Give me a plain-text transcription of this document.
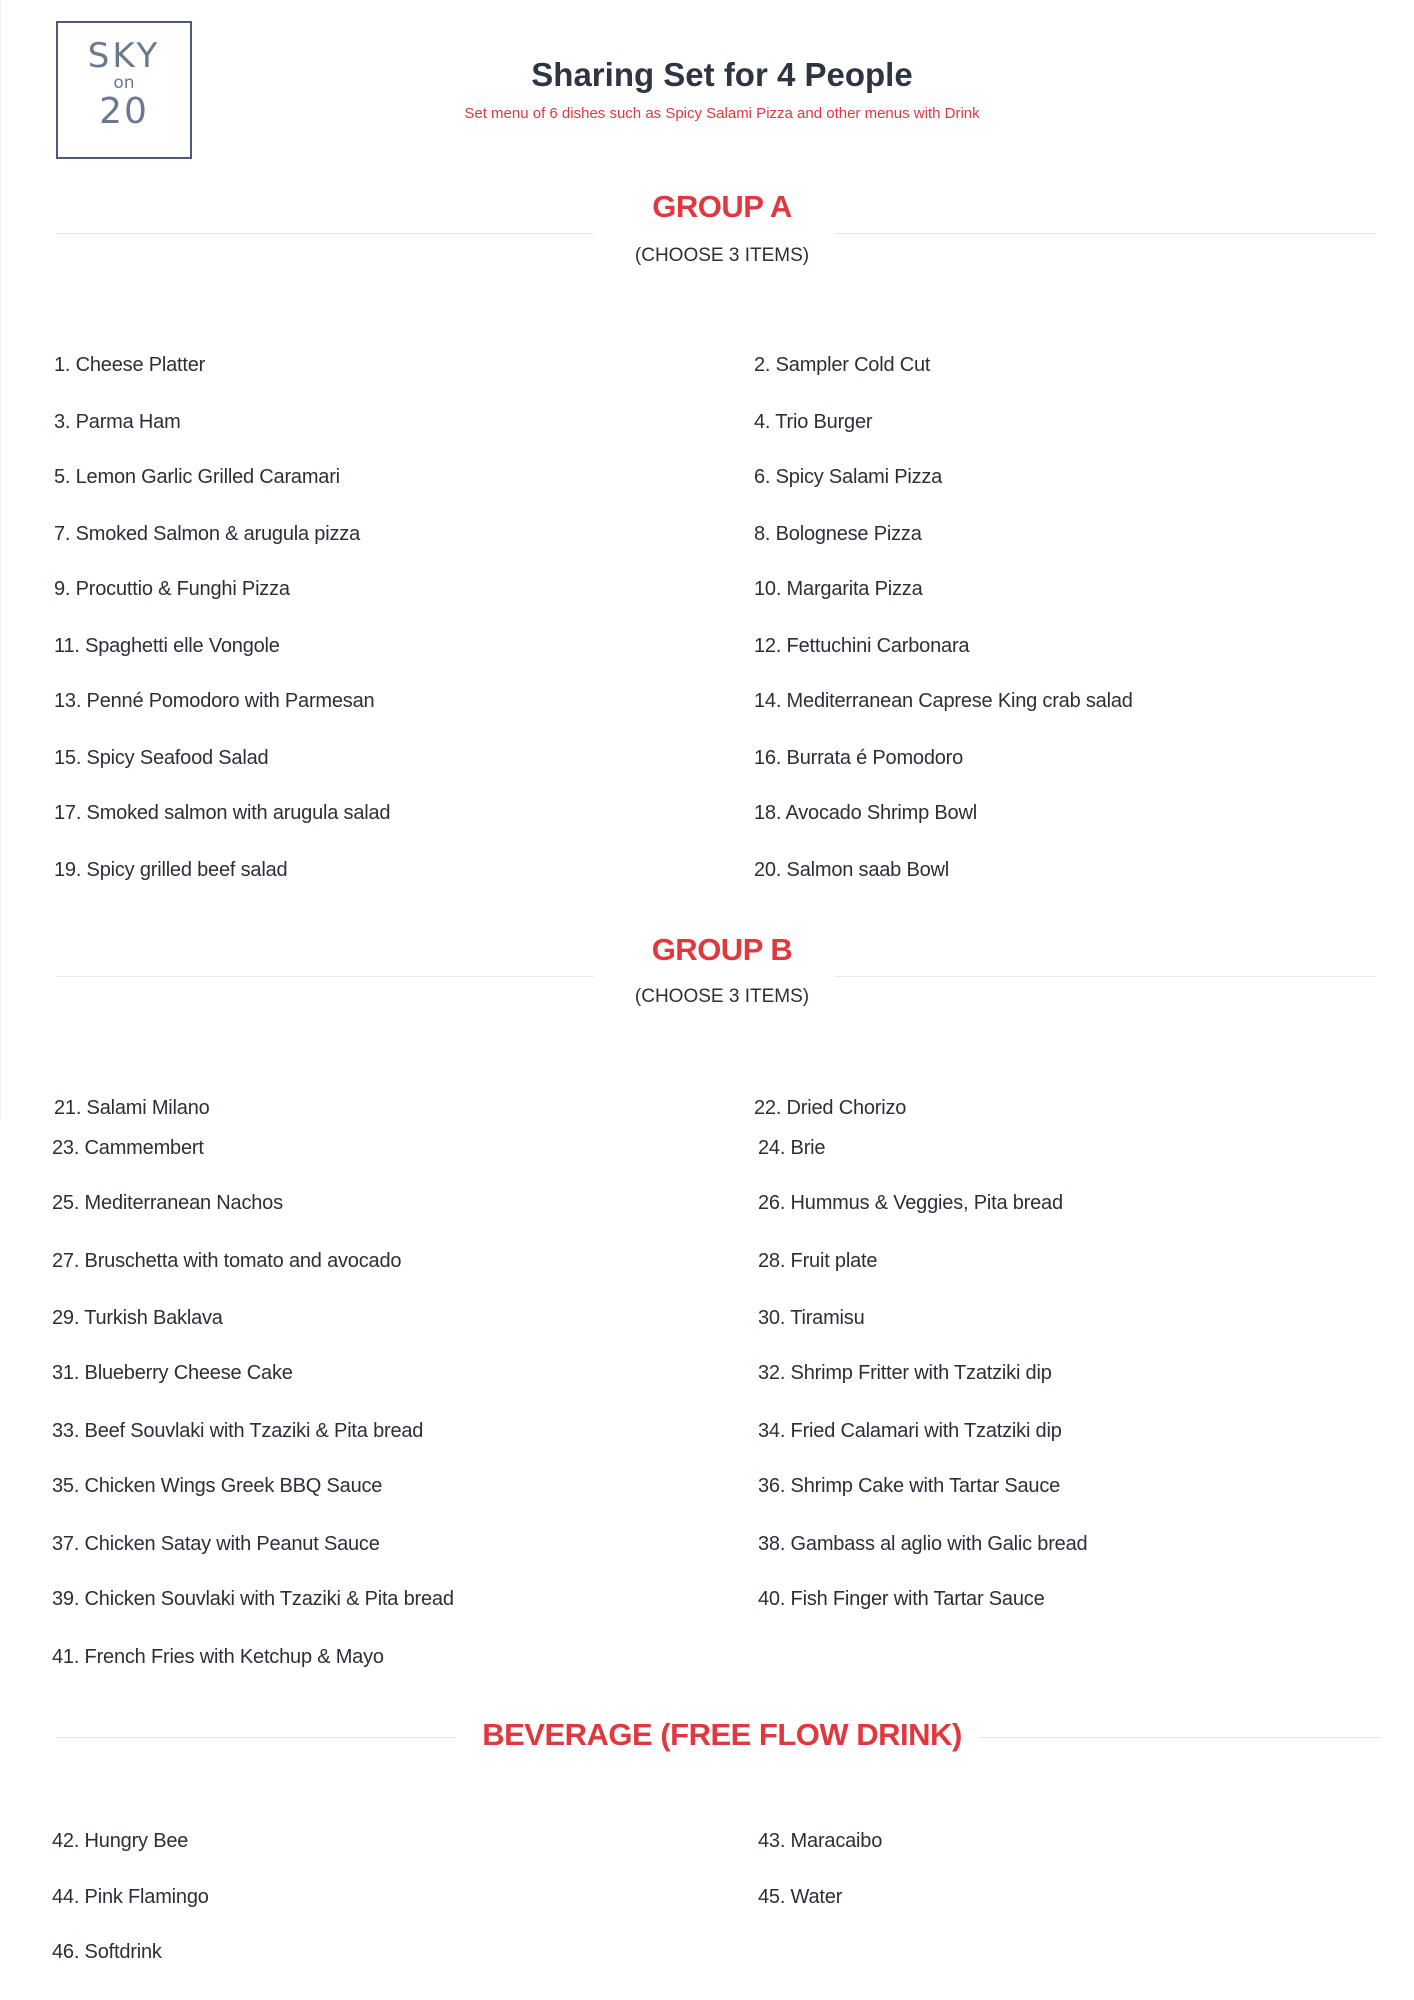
SKY
on
20
Sharing Set for 4 People
Set menu of 6 dishes such as Spicy Salami Pizza and other menus with Drink
GROUP A
(CHOOSE 3 ITEMS)
1. Cheese Platter
3. Parma Ham
5. Lemon Garlic Grilled Caramari
7. Smoked Salmon & arugula pizza
9. Procuttio & Funghi Pizza
11. Spaghetti elle Vongole
13. Penné Pomodoro with Parmesan
15. Spicy Seafood Salad
17. Smoked salmon with arugula salad
19. Spicy grilled beef salad
2. Sampler Cold Cut
4. Trio Burger
6. Spicy Salami Pizza
8. Bolognese Pizza
10. Margarita Pizza
12. Fettuchini Carbonara
14. Mediterranean Caprese King crab salad
16. Burrata é Pomodoro
18. Avocado Shrimp Bowl
20. Salmon saab Bowl
GROUP B
(CHOOSE 3 ITEMS)
21. Salami Milano
23. Cammembert
25. Mediterranean Nachos
27. Bruschetta with tomato and avocado
29. Turkish Baklava
31. Blueberry Cheese Cake
33. Beef Souvlaki with Tzaziki & Pita bread
35. Chicken Wings Greek BBQ Sauce
37. Chicken Satay with Peanut Sauce
39. Chicken Souvlaki with Tzaziki & Pita bread
41. French Fries with Ketchup & Mayo
22. Dried Chorizo
24. Brie
26. Hummus & Veggies, Pita bread
28. Fruit plate
30. Tiramisu
32. Shrimp Fritter with Tzatziki dip
34. Fried Calamari with Tzatziki dip
36. Shrimp Cake with Tartar Sauce
38. Gambass al aglio with Galic bread
40. Fish Finger with Tartar Sauce
BEVERAGE (FREE FLOW DRINK)
42. Hungry Bee
44. Pink Flamingo
46. Softdrink
43. Maracaibo
45. Water
